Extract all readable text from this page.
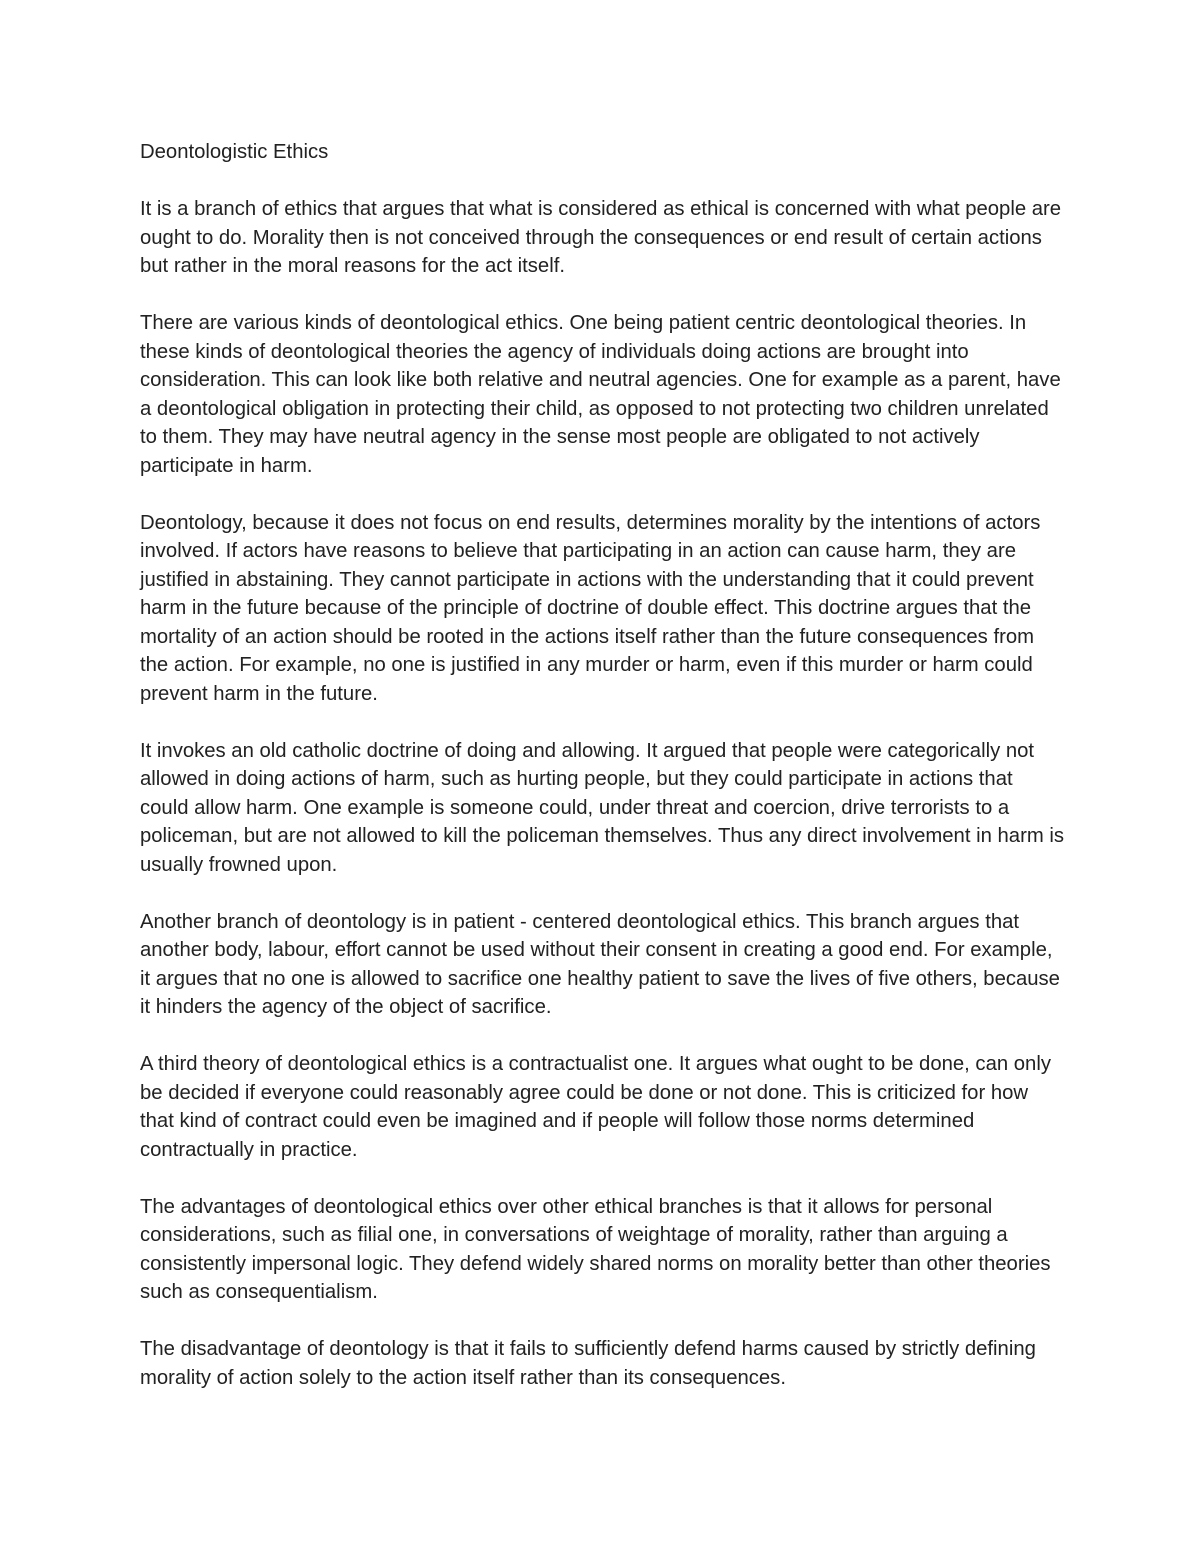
Deontologistic Ethics

It is a branch of ethics that argues that what is considered as ethical is concerned with what people are ought to do. Morality then is not conceived through the consequences or end result of certain actions but rather in the moral reasons for the act itself.

There are various kinds of deontological ethics. One being patient centric deontological theories. In these kinds of deontological theories the agency of individuals doing actions are brought into consideration. This can look like both relative and neutral agencies. One for example as a parent, have a deontological obligation in protecting their child, as opposed to not protecting two children unrelated to them. They may have neutral agency in the sense most people are obligated to not actively participate in harm.

Deontology, because it does not focus on end results, determines morality by the intentions of actors involved. If actors have reasons to believe that participating in an action can cause harm, they are justified in abstaining. They cannot participate in actions with the understanding that it could prevent harm in the future because of the principle of doctrine of double effect. This doctrine argues that the mortality of an action should be rooted in the actions itself rather than the future consequences from the action. For example, no one is justified in any murder or harm, even if this murder or harm could prevent harm in the future.

It invokes an old catholic doctrine of doing and allowing. It argued that people were categorically not allowed in doing actions of harm, such as hurting people, but they could participate in actions that could allow harm. One example is someone could, under threat and coercion, drive terrorists to a policeman, but are not allowed to kill the policeman themselves. Thus any direct involvement in harm is usually frowned upon.

Another branch of deontology is in patient - centered deontological ethics. This branch argues that another body, labour, effort cannot be used without their consent in creating a good end. For example, it argues that no one is allowed to sacrifice one healthy patient to save the lives of five others, because it hinders the agency of the object of sacrifice.

A third theory of deontological ethics is a contractualist one. It argues what ought to be done, can only be decided if everyone could reasonably agree could be done or not done. This is criticized for how that kind of contract could even be imagined and if people will follow those norms determined contractually in practice.

The advantages of deontological ethics over other ethical branches is that it allows for personal considerations, such as filial one, in conversations of weightage of morality, rather than arguing a consistently impersonal logic. They defend widely shared norms on morality better than other theories such as consequentialism.

The disadvantage of deontology is that it fails to sufficiently defend harms caused by strictly defining morality of action solely to the action itself rather than its consequences.
